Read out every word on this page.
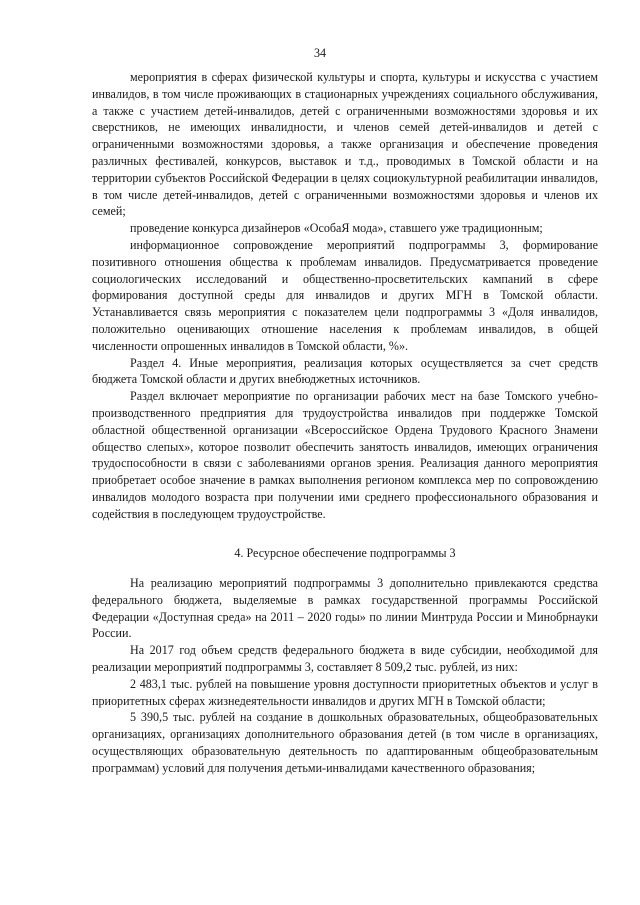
34

мероприятия в сферах физической культуры и спорта, культуры и искусства с участием инвалидов, в том числе проживающих в стационарных учреждениях социального обслуживания, а также с участием детей-инвалидов, детей с ограниченными возможностями здоровья и их сверстников, не имеющих инвалидности, и членов семей детей-инвалидов и детей с ограниченными возможностями здоровья, а также организация и обеспечение проведения различных фестивалей, конкурсов, выставок и т.д., проводимых в Томской области и на территории субъектов Российской Федерации в целях социокультурной реабилитации инвалидов, в том числе детей-инвалидов, детей с ограниченными возможностями здоровья и членов их семей;

проведение конкурса дизайнеров «ОсобаЯ мода», ставшего уже традиционным;

информационное сопровождение мероприятий подпрограммы 3, формирование позитивного отношения общества к проблемам инвалидов. Предусматривается проведение социологических исследований и общественно-просветительских кампаний в сфере формирования доступной среды для инвалидов и других МГН в Томской области. Устанавливается связь мероприятия с показателем цели подпрограммы 3 «Доля инвалидов, положительно оценивающих отношение населения к проблемам инвалидов, в общей численности опрошенных инвалидов в Томской области, %».

Раздел 4. Иные мероприятия, реализация которых осуществляется за счет средств бюджета Томской области и других внебюджетных источников.

Раздел включает мероприятие по организации рабочих мест на базе Томского учебно-производственного предприятия для трудоустройства инвалидов при поддержке Томской областной общественной организации «Всероссийское Ордена Трудового Красного Знамени общество слепых», которое позволит обеспечить занятость инвалидов, имеющих ограничения трудоспособности в связи с заболеваниями органов зрения. Реализация данного мероприятия приобретает особое значение в рамках выполнения регионом комплекса мер по сопровождению инвалидов молодого возраста при получении ими среднего профессионального образования и содействия в последующем трудоустройстве.

4. Ресурсное обеспечение подпрограммы 3

На реализацию мероприятий подпрограммы 3 дополнительно привлекаются средства федерального бюджета, выделяемые в рамках государственной программы Российской Федерации «Доступная среда» на 2011 – 2020 годы» по линии Минтруда России и Минобрнауки России.

На 2017 год объем средств федерального бюджета в виде субсидии, необходимой для реализации мероприятий подпрограммы 3, составляет 8 509,2 тыс. рублей, из них:

2 483,1 тыс. рублей на повышение уровня доступности приоритетных объектов и услуг в приоритетных сферах жизнедеятельности инвалидов и других МГН в Томской области;

5 390,5 тыс. рублей на создание в дошкольных образовательных, общеобразовательных организациях, организациях дополнительного образования детей (в том числе в организациях, осуществляющих образовательную деятельность по адаптированным общеобразовательным программам) условий для получения детьми-инвалидами качественного образования;
